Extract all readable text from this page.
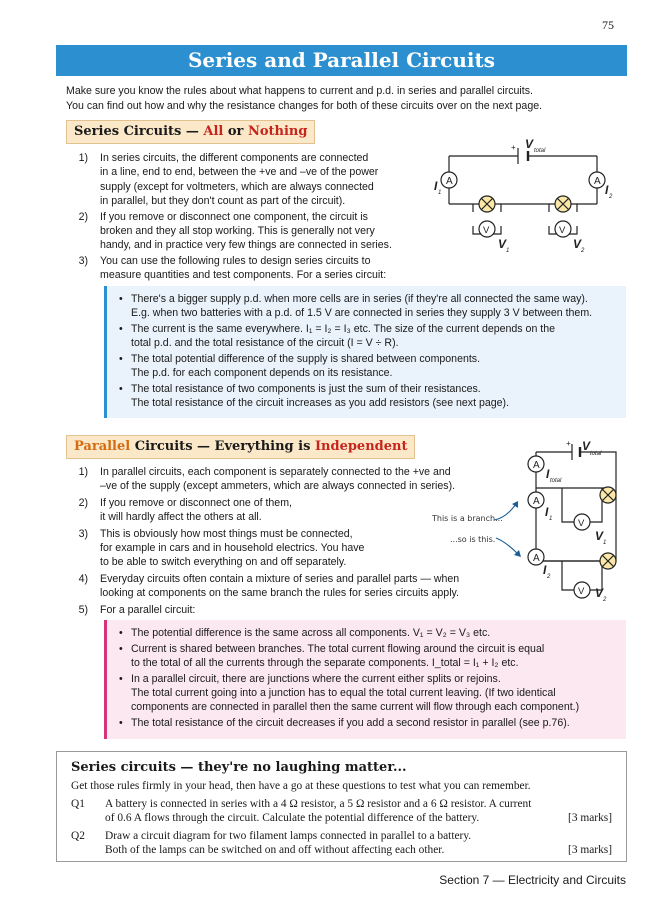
75
Series and Parallel Circuits
Make sure you know the rules about what happens to current and p.d. in series and parallel circuits.
You can find out how and why the resistance changes for both of these circuits over on the next page.
Series Circuits — All or Nothing
1) In series circuits, the different components are connected
in a line, end to end, between the +ve and –ve of the power
supply (except for voltmeters, which are always connected
in parallel, but they don't count as part of the circuit).
2) If you remove or disconnect one component, the circuit is
broken and they all stop working. This is generally not very
handy, and in practice very few things are connected in series.
3) You can use the following rules to design series circuits to
measure quantities and test components. For a series circuit:
+
A	A
V	V
V total
I 1	I 2
V 1	V 2
• There's a bigger supply p.d. when more cells are in series (if they're all connected the same way).
E.g. when two batteries with a p.d. of 1.5 V are connected in series they supply 3 V between them.
• The current is the same everywhere. I₁ = I₂ = I₃ etc. The size of the current depends on the
total p.d. and the total resistance of the circuit (I = V ÷ R).
• The total potential difference of the supply is shared between components.
The p.d. for each component depends on its resistance.
• The total resistance of two components is just the sum of their resistances.
The total resistance of the circuit increases as you add resistors (see next page).
Parallel Circuits — Everything is Independent
1) In parallel circuits, each component is separately connected to the +ve and
–ve of the supply (except ammeters, which are always connected in series).
2) If you remove or disconnect one of them,
it will hardly affect the others at all.
3) This is obviously how most things must be connected,
for example in cars and in household electrics. You have
to be able to switch everything on and off separately.
4) Everyday circuits often contain a mixture of series and parallel parts — when
looking at components on the same branch the rules for series circuits apply.
5) For a parallel circuit:
This is a branch...
...so is this.
+
A
A
A
V
V
V
total
I total
I 1
I 2
V 1
V 2
• The potential difference is the same across all components. V₁ = V₂ = V₃ etc.
• Current is shared between branches. The total current flowing around the circuit is equal
to the total of all the currents through the separate components. I_total = I₁ + I₂ etc.
• In a parallel circuit, there are junctions where the current either splits or rejoins.
The total current going into a junction has to equal the total current leaving. (If two identical
components are connected in parallel then the same current will flow through each component.)
• The total resistance of the circuit decreases if you add a second resistor in parallel (see p.76).
Series circuits — they're no laughing matter...
Get those rules firmly in your head, then have a go at these questions to test what you can remember.
Q1 A battery is connected in series with a 4 Ω resistor, a 5 Ω resistor and a 6 Ω resistor. A current
of 0.6 A flows through the circuit. Calculate the potential difference of the battery.	[3 marks]
Q2 Draw a circuit diagram for two filament lamps connected in parallel to a battery.
Both of the lamps can be switched on and off without affecting each other.	[3 marks]
Section 7 — Electricity and Circuits
